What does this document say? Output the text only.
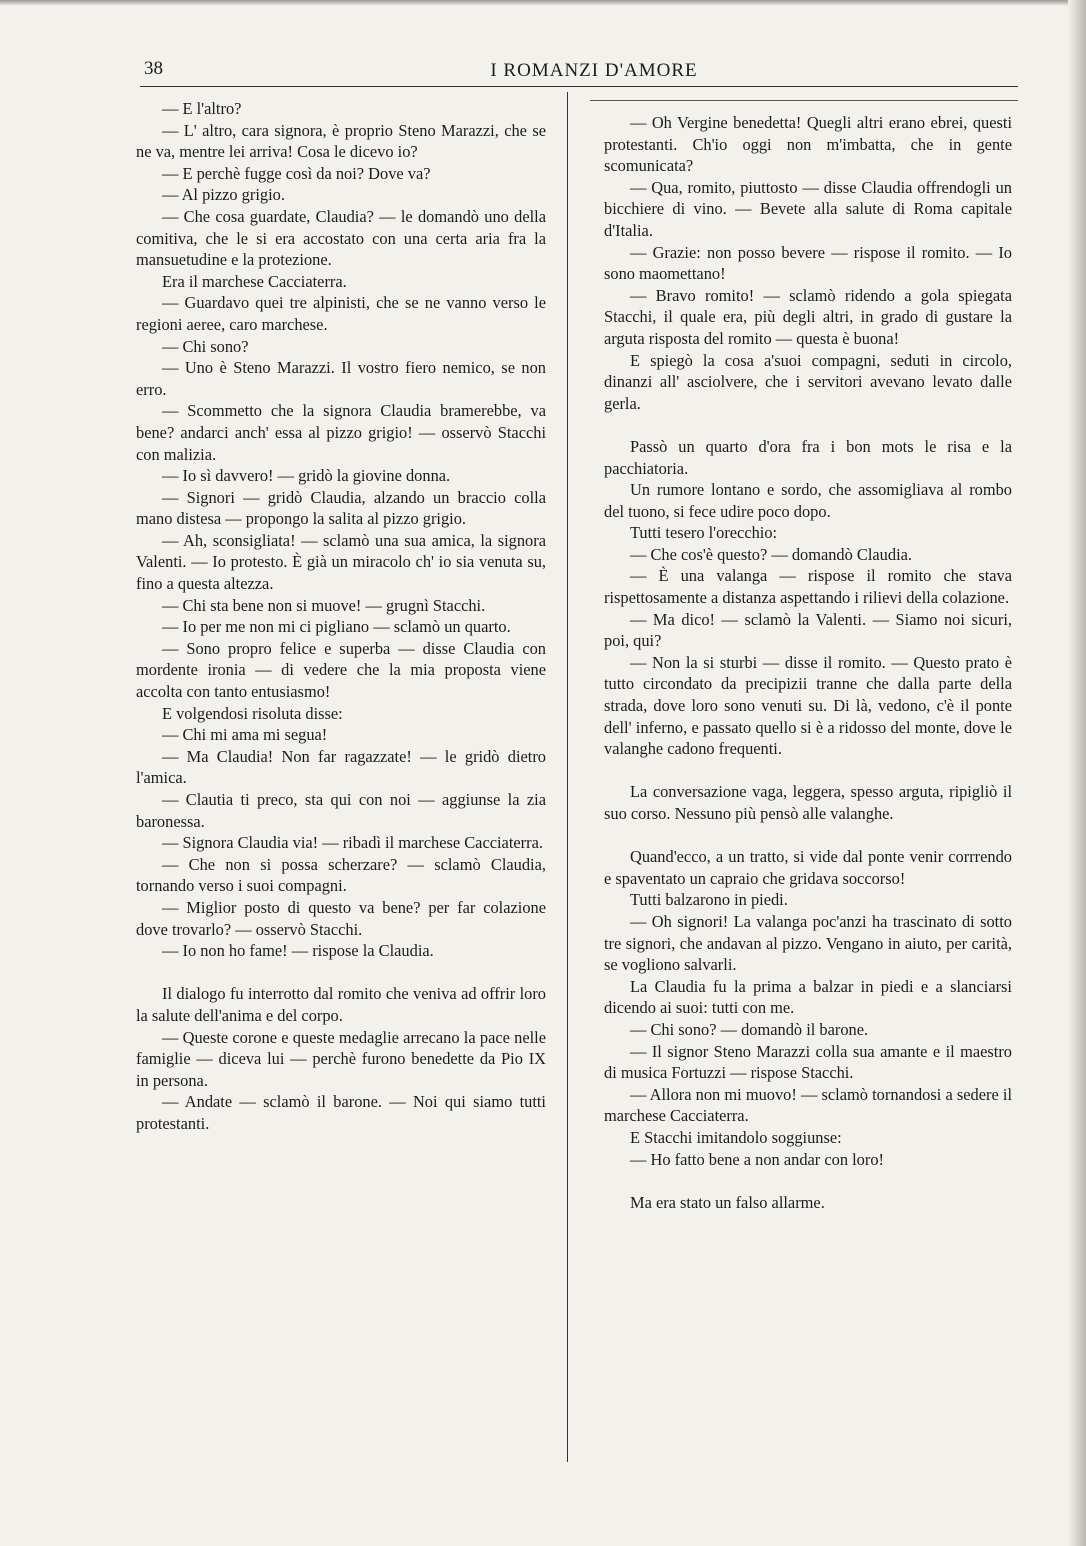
38	I ROMANZI D'AMORE

— E l'altro?

— L' altro, cara signora, è proprio Steno Marazzi, che se ne va, mentre lei arriva! Cosa le dicevo io?

— E perchè fugge così da noi? Dove va?

— Al pizzo grigio.

— Che cosa guardate, Claudia? — le domandò uno della comitiva, che le si era accostato con una certa aria fra la mansuetudine e la protezione.

Era il marchese Cacciaterra.

— Guardavo quei tre alpinisti, che se ne vanno verso le regioni aeree, caro marchese.

— Chi sono?

— Uno è Steno Marazzi. Il vostro fiero nemico, se non erro.

— Scommetto che la signora Claudia bramerebbe, va bene? andarci anch' essa al pizzo grigio! — osservò Stacchi con malizia.

— Io sì davvero! — gridò la giovine donna.

— Signori — gridò Claudia, alzando un braccio colla mano distesa — propongo la salita al pizzo grigio.

— Ah, sconsigliata! — sclamò una sua amica, la signora Valenti. — Io protesto. È già un miracolo ch' io sia venuta su, fino a questa altezza.

— Chi sta bene non si muove! — grugnì Stacchi.

— Io per me non mi ci pigliano — sclamò un quarto.

— Sono propro felice e superba — disse Claudia con mordente ironia — di vedere che la mia proposta viene accolta con tanto entusiasmo!

E volgendosi risoluta disse:

— Chi mi ama mi segua!

— Ma Claudia! Non far ragazzate! — le gridò dietro l'amica.

— Clautia ti preco, sta qui con noi — aggiunse la zia baronessa.

— Signora Claudia via! — ribadì il marchese Cacciaterra.

— Che non si possa scherzare? — sclamò Claudia, tornando verso i suoi compagni.

— Miglior posto di questo va bene? per far colazione dove trovarlo? — osservò Stacchi.

— Io non ho fame! — rispose la Claudia.

Il dialogo fu interrotto dal romito che veniva ad offrir loro la salute dell'anima e del corpo.

— Queste corone e queste medaglie arrecano la pace nelle famiglie — diceva lui — perchè furono benedette da Pio IX in persona.

— Andate — sclamò il barone. — Noi qui siamo tutti protestanti.

— Oh Vergine benedetta! Quegli altri erano ebrei, questi protestanti. Ch'io oggi non m'imbatta, che in gente scomunicata?

— Qua, romito, piuttosto — disse Claudia offrendogli un bicchiere di vino. — Bevete alla salute di Roma capitale d'Italia.

— Grazie: non posso bevere — rispose il romito. — Io sono maomettano!

— Bravo romito! — sclamò ridendo a gola spiegata Stacchi, il quale era, più degli altri, in grado di gustare la arguta risposta del romito — questa è buona!

E spiegò la cosa a'suoi compagni, seduti in circolo, dinanzi all' asciolvere, che i servitori avevano levato dalle gerla.

Passò un quarto d'ora fra i bon mots le risa e la pacchiatoria.

Un rumore lontano e sordo, che assomigliava al rombo del tuono, si fece udire poco dopo.

Tutti tesero l'orecchio:

— Che cos'è questo? — domandò Claudia.

— È una valanga — rispose il romito che stava rispettosamente a distanza aspettando i rilievi della colazione.

— Ma dico! — sclamò la Valenti. — Siamo noi sicuri, poi, qui?

— Non la si sturbi — disse il romito. — Questo prato è tutto circondato da precipizii tranne che dalla parte della strada, dove loro sono venuti su. Di là, vedono, c'è il ponte dell' inferno, e passato quello si è a ridosso del monte, dove le valanghe cadono frequenti.

La conversazione vaga, leggera, spesso arguta, ripigliò il suo corso. Nessuno più pensò alle valanghe.

Quand'ecco, a un tratto, si vide dal ponte venir corrrendo e spaventato un capraio che gridava soccorso!

Tutti balzarono in piedi.

— Oh signori! La valanga poc'anzi ha trascinato di sotto tre signori, che andavan al pizzo. Vengano in aiuto, per carità, se vogliono salvarli.

La Claudia fu la prima a balzar in piedi e a slanciarsi dicendo ai suoi: tutti con me.

— Chi sono? — domandò il barone.

— Il signor Steno Marazzi colla sua amante e il maestro di musica Fortuzzi — rispose Stacchi.

— Allora non mi muovo! — sclamò tornandosi a sedere il marchese Cacciaterra.

E Stacchi imitandolo soggiunse:

— Ho fatto bene a non andar con loro!

Ma era stato un falso allarme.
